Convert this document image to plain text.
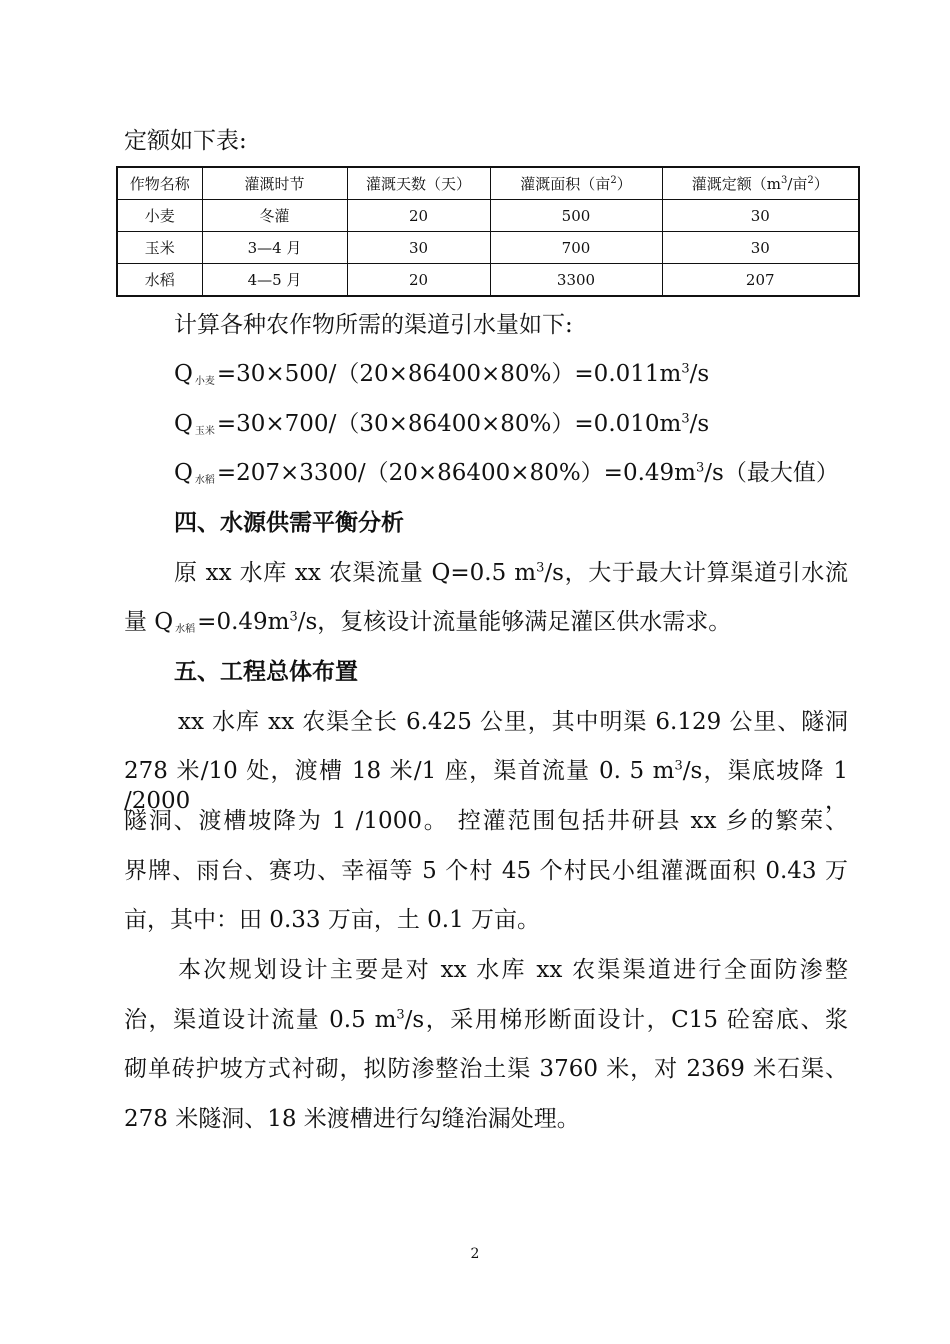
定额如下表:
作物名称	灌溉时节	灌溉天数（天）	灌溉面积（亩$^2$）	灌溉定额（$m^3/$亩$^2$）
小麦	冬灌	20	500	30
玉米	3—4 月	30	700	30
水稻	4—5 月	20	3300	207
计算各种农作物所需的渠道引水量如下:
Q $_{小麦}=30\times 500/(20\times 86400\times 80\%)=0.011m^3/s$
Q $_{玉米}=30\times 700/(30\times 86400\times 80\%)=0.010m^3/s$
Q $_{水稻}=207\times 3300/(20\times 86400\times 80\%)=0.49m^3/s$（最大值）
四、水源供需平衡分析
原 xx 水库 xx 农渠流量 Q=0.5 $m^3/s$，大于最大计算渠道引水流
量 Q $_{水稻}=0.49m^3/s$，复核设计流量能够满足灌区供水需求。
五、工程总体布置
xx 水库 xx 农渠全长 6.425 公里，其中明渠 6.129 公里、隧洞
278 米/10 处，渡槽 18 米/1 座，渠首流量 0. 5 $m^3/s$，渠底坡降 1 /2000，
隧洞、渡槽坡降为 1 /1000。 控灌范围包括井研县 xx 乡的繁荣、
界牌、雨台、赛功、幸福等 5 个村 45 个村民小组灌溉面积 0.43 万
亩，其中：田 0.33 万亩，土 0.1 万亩。
本次规划设计主要是对 xx 水库 xx 农渠渠道进行全面防渗整
治，渠道设计流量 0.5 $m^3/s$，采用梯形断面设计，C15 砼窑底、浆
砌单砖护坡方式衬砌，拟防渗整治土渠 3760 米，对 2369 米石渠、
278 米隧洞、18 米渡槽进行勾缝治漏处理。
2
